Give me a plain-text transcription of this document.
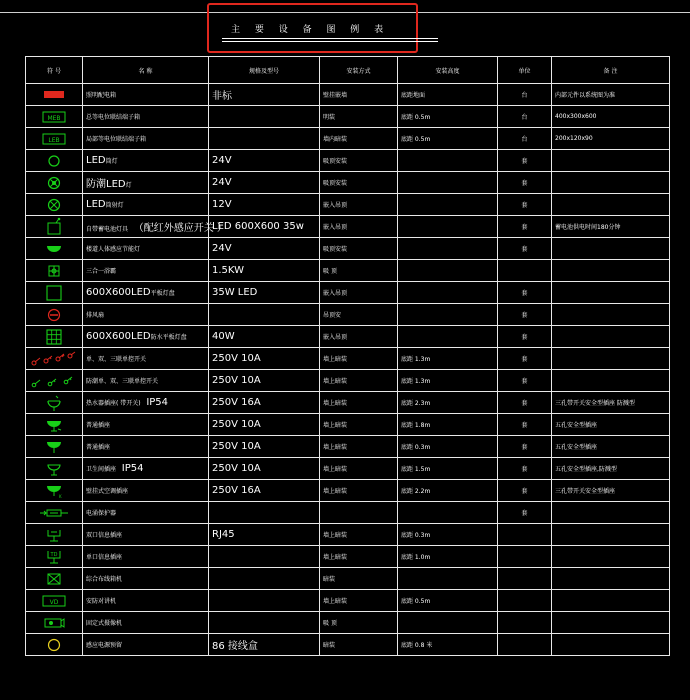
主 要 设 备 图 例 表
符 号	名 称	规格及型号	安装方式	安装高度	单位	备 注

	照明配电箱	非标	壁挂嵌墙	底距地面	台	内部元件以系统图为准

MEB	总等电位联结端子箱		明装	底距 0.5m	台	400x300x600

LEB	局部等电位联结端子箱		墙内暗装	底距 0.5m	台	200x120x90

	LED筒灯	24V	吸顶安装		套	

	防潮LED灯	24V	吸顶安装		套	

	LED筒射灯	12V	嵌入吊顶		套	

	自带蓄电池灯具 （配红外感应开关 ）	LED 600X600 35w	嵌入吊顶		套	蓄电池供电时间180分钟

	楼道人体感应节能灯	24V	吸顶安装		套	

	三合一浴霸	1.5KW	吸 顶			

	600X600LED平板灯盘	35W LED	嵌入吊顶		套	

	排风扇		吊顶安		套	

	600X600LED防水平板灯盘	40W	嵌入吊顶		套	

	单、双、三联单控开关	250V 10A	墙上暗装	底距 1.3m	套	

	防潮单、双、三联单控开关	250V 10A	墙上暗装	底距 1.3m	套	

	热水器插座( 带开关) IP54	250V 16A	墙上暗装	底距 2.3m	套	三孔带开关安全型插座 防溅型

	普通插座	250V 10A	墙上暗装	底距 1.8m	套	五孔安全型插座

	普通插座	250V 10A	墙上暗装	底距 0.3m	套	五孔安全型插座

	卫生间插座 IP54	250V 10A	墙上暗装	底距 1.5m	套	五孔安全型插座,防溅型

K	壁挂式空调插座	250V 16A	墙上暗装	底距 2.2m	套	三孔带开关安全型插座

	电涌保护器				套	

	双口信息插座	RJ45	墙上暗装	底距 0.3m		

TD	单口信息插座		墙上暗装	底距 1.0m		

	综合布线箱机		暗装			

VD	安防对讲机		墙上暗装	底距 0.5m		

	固定式摄像机		吸 顶			

	感应电源预留	86 接线盒	暗装	底距 0.8 米		
